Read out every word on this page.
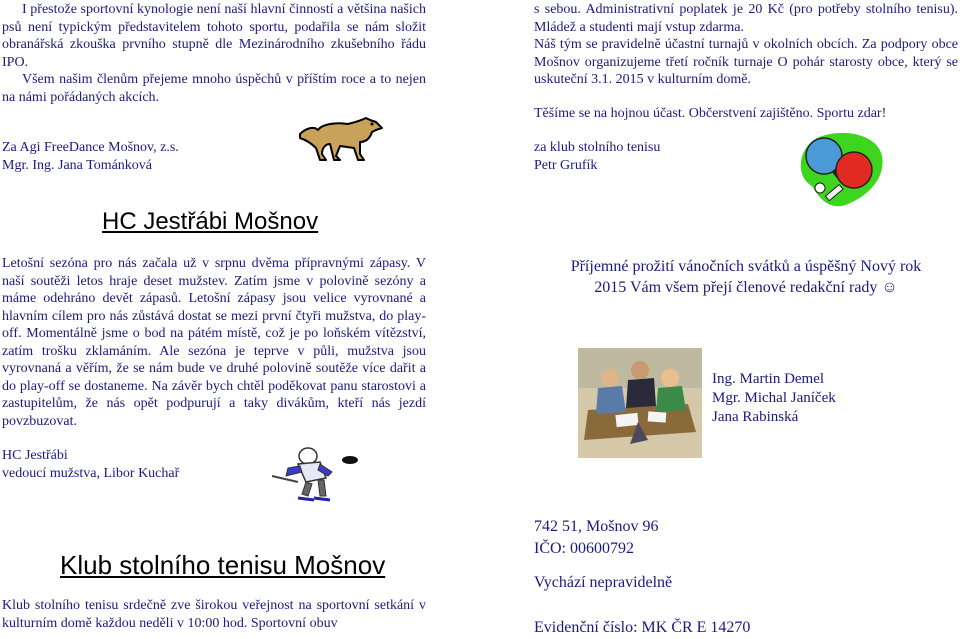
I přestože sportovní kynologie není naší hlavní činností a většina našich psů není typickým představitelem tohoto sportu, podařila se nám složit obranářská zkouška prvního stupně dle Mezinárodního zkušebního řádu IPO.
Všem našim členům přejeme mnoho úspěchů v příštím roce a to nejen na námi pořádaných akcích.
Za Agi FreeDance Mošnov, z.s.
Mgr. Ing. Jana Tománková
HC Jestřábi Mošnov
Letošní sezóna pro nás začala už v srpnu dvěma přípravnými zápasy. V naší soutěži letos hraje deset mužstev. Zatím jsme v polovině sezóny a máme odehráno devět zápasů. Letošní zápasy jsou velice vyrovnané a hlavním cílem pro nás zůstává dostat se mezi první čtyři mužstva, do play-off. Momentálně jsme o bod na pátém místě, což je po loňském vítězství, zatím trošku zklamáním. Ale sezóna je teprve v půli, mužstva jsou vyrovnaná a věřím, že se nám bude ve druhé polovině soutěže více dařit a do play-off se dostaneme. Na závěr bych chtěl poděkovat panu starostovi a zastupitelům, že nás opět podpurují a taky divákům, kteří nás jezdí povzbuzovat.
HC Jestřábi
vedoucí mužstva, Libor Kuchař
Klub stolního tenisu Mošnov
Klub stolního tenisu srdečně zve širokou veřejnost na sportovní setkání v kulturním domě každou neděli v 10:00 hod. Sportovní obuv
s sebou. Administrativní poplatek je 20 Kč (pro potřeby stolního tenisu). Mládež a studenti mají vstup zdarma.
Náš tým se pravidelně účastní turnajů v okolních obcích. Za podpory obce Mošnov organizujeme třetí ročník turnaje O pohár starosty obce, který se uskuteční 3.1. 2015 v kulturním domě.
Těšíme se na hojnou účast. Občerstvení zajištěno. Sportu zdar!
za klub stolního tenisu
Petr Grufík
Příjemné prožití vánočních svátků a úspěšný Nový rok
2015 Vám všem přejí členové redakční rady ☺
Ing. Martin Demel
Mgr. Michal Janíček
Jana Rabinská
742 51, Mošnov 96
IČO: 00600792
Vychází nepravidelně
Evidenční číslo: MK ČR E 14270
